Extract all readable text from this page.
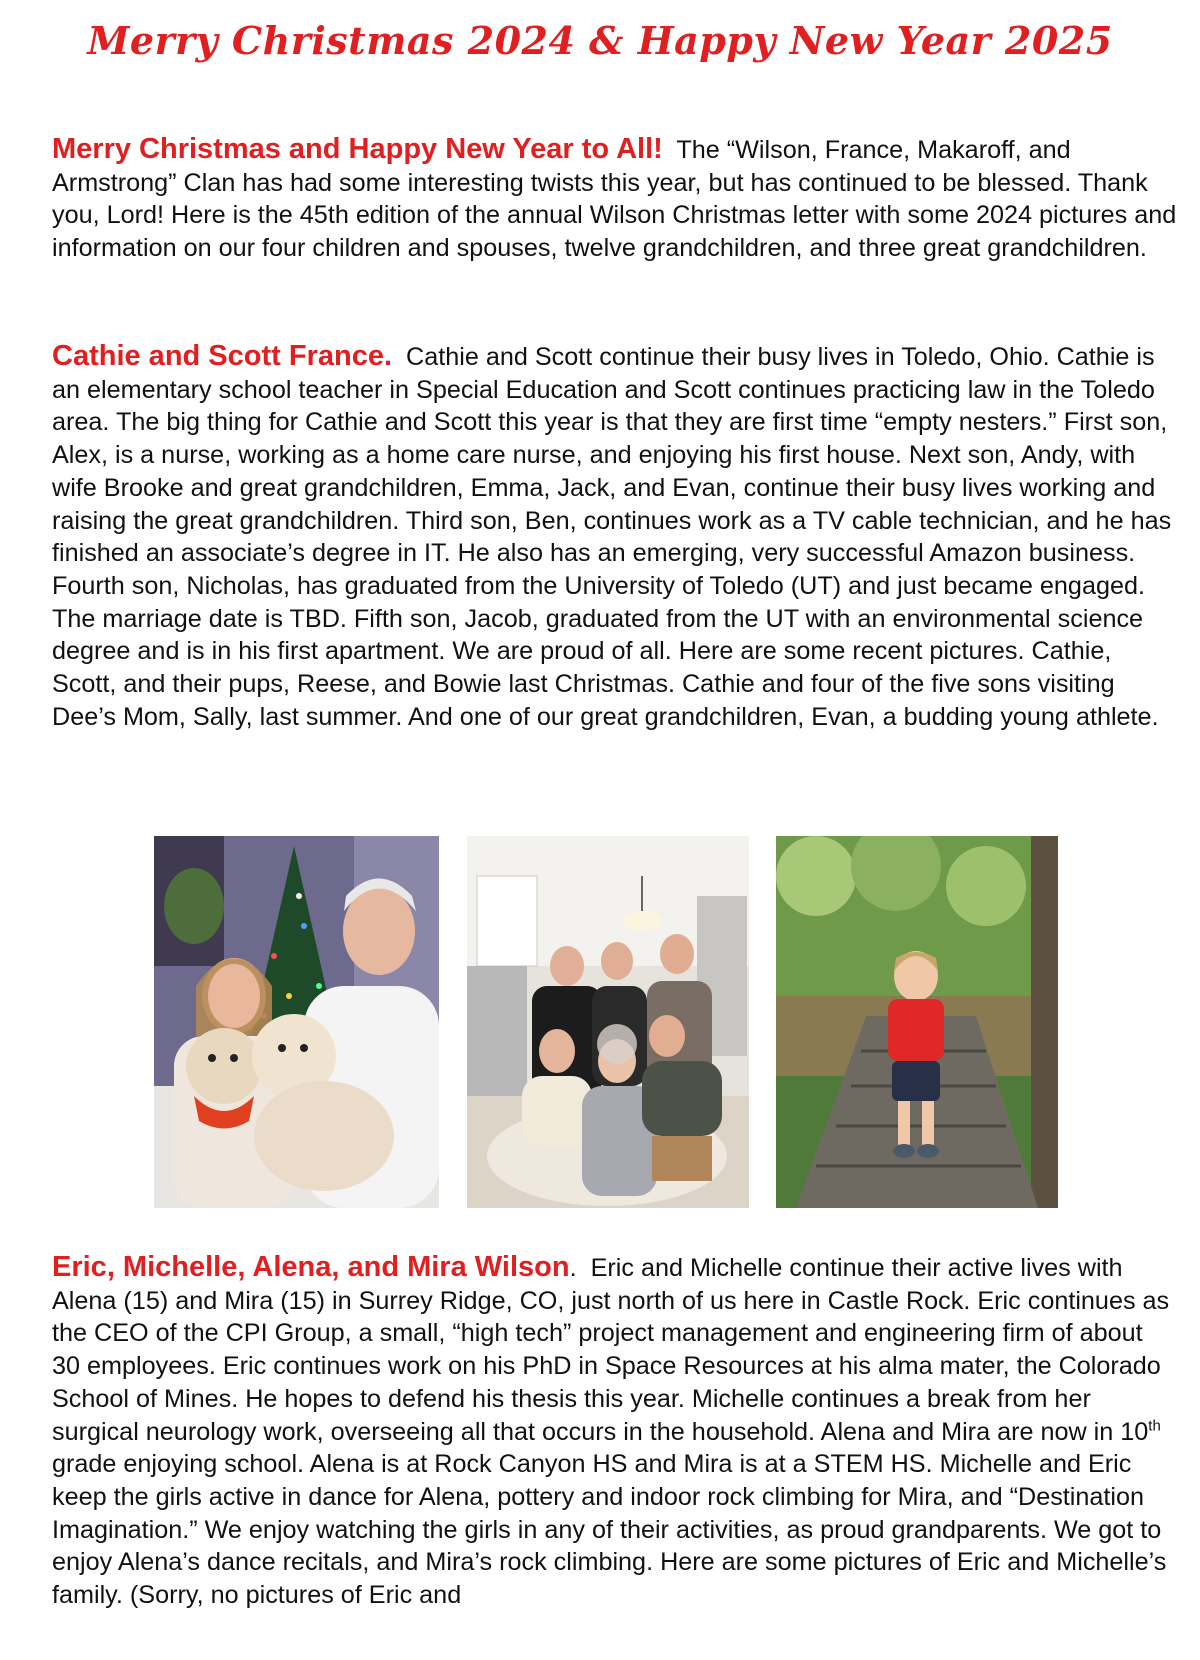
Merry Christmas 2024 & Happy New Year 2025

Merry Christmas and Happy New Year to All! The “Wilson, France, Makaroff, and Armstrong” Clan has had some interesting twists this year, but has continued to be blessed. Thank you, Lord! Here is the 45th edition of the annual Wilson Christmas letter with some 2024 pictures and information on our four children and spouses, twelve grandchildren, and three great grandchildren.

Cathie and Scott France. Cathie and Scott continue their busy lives in Toledo, Ohio. Cathie is an elementary school teacher in Special Education and Scott continues practicing law in the Toledo area. The big thing for Cathie and Scott this year is that they are first time “empty nesters.” First son, Alex, is a nurse, working as a home care nurse, and enjoying his first house. Next son, Andy, with wife Brooke and great grandchildren, Emma, Jack, and Evan, continue their busy lives working and raising the great grandchildren. Third son, Ben, continues work as a TV cable technician, and he has finished an associate’s degree in IT. He also has an emerging, very successful Amazon business. Fourth son, Nicholas, has graduated from the University of Toledo (UT) and just became engaged. The marriage date is TBD. Fifth son, Jacob, graduated from the UT with an environmental science degree and is in his first apartment. We are proud of all. Here are some recent pictures. Cathie, Scott, and their pups, Reese, and Bowie last Christmas. Cathie and four of the five sons visiting Dee’s Mom, Sally, last summer. And one of our great grandchildren, Evan, a budding young athlete.

Eric, Michelle, Alena, and Mira Wilson. Eric and Michelle continue their active lives with Alena (15) and Mira (15) in Surrey Ridge, CO, just north of us here in Castle Rock. Eric continues as the CEO of the CPI Group, a small, “high tech” project management and engineering firm of about 30 employees. Eric continues work on his PhD in Space Resources at his alma mater, the Colorado School of Mines. He hopes to defend his thesis this year. Michelle continues a break from her surgical neurology work, overseeing all that occurs in the household. Alena and Mira are now in 10th grade enjoying school. Alena is at Rock Canyon HS and Mira is at a STEM HS. Michelle and Eric keep the girls active in dance for Alena, pottery and indoor rock climbing for Mira, and “Destination Imagination.” We enjoy watching the girls in any of their activities, as proud grandparents. We got to enjoy Alena’s dance recitals, and Mira’s rock climbing. Here are some pictures of Eric and Michelle’s family. (Sorry, no pictures of Eric and
